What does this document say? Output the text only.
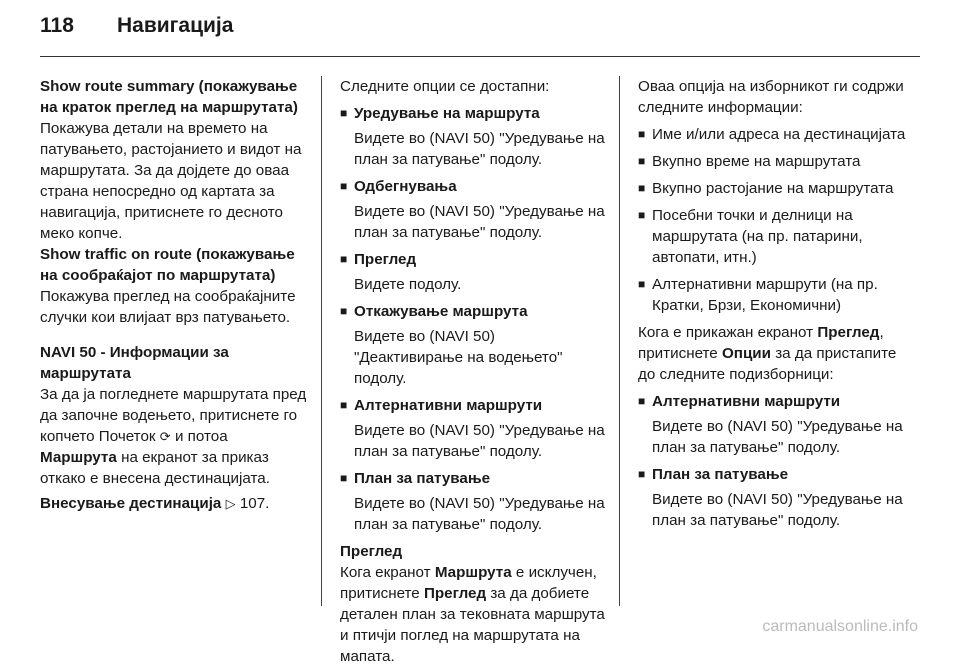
118	Навигација

Show route summary (покажување на краток преглед на маршрутата)

Покажува детали на времето на патувањето, растојанието и видот на маршрутата. За да дојдете до оваа страна непосредно од картата за навигација, притиснете го десното меко копче.

Show traffic on route (покажување на сообраќајот по маршрутата)

Покажува преглед на сообраќајните случки кои влијаат врз патувањето.

NAVI 50 - Информации за маршрутата

За да ја погледнете маршрутата пред да започне водењето, притиснете го копчето Почеток ⟳ и потоа Маршрута на екранот за приказ откако е внесена дестинацијата.

Внесување дестинација ▷ 107.

Следните опции се достапни:

■ Уредување на маршрута

Видете во (NAVI 50) "Уредување на план за патување" подолу.

■ Одбегнувања

Видете во (NAVI 50) "Уредување на план за патување" подолу.

■ Преглед

Видете подолу.

■ Откажување маршрута

Видете во (NAVI 50) "Деактивирање на водењето" подолу.

■ Алтернативни маршрути

Видете во (NAVI 50) "Уредување на план за патување" подолу.

■ План за патување

Видете во (NAVI 50) "Уредување на план за патување" подолу.

Преглед

Кога екранот Маршрута е исклучен, притиснете Преглед за да добиете детален план за тековната маршрута и птичји поглед на маршрутата на мапата.

Оваа опција на изборникот ги содржи следните информации:

■ Име и/или адреса на дестинацијата

■ Вкупно време на маршрутата

■ Вкупно растојание на маршрутата

■ Посебни точки и делници на маршрутата (на пр. патарини, автопати, итн.)

■ Алтернативни маршрути (на пр. Кратки, Брзи, Економични)

Кога е прикажан екранот Преглед, притиснете Опции за да пристапите до следните подизборници:

■ Алтернативни маршрути

Видете во (NAVI 50) "Уредување на план за патување" подолу.

■ План за патување

Видете во (NAVI 50) "Уредување на план за патување" подолу.

carmanualsonline.info
